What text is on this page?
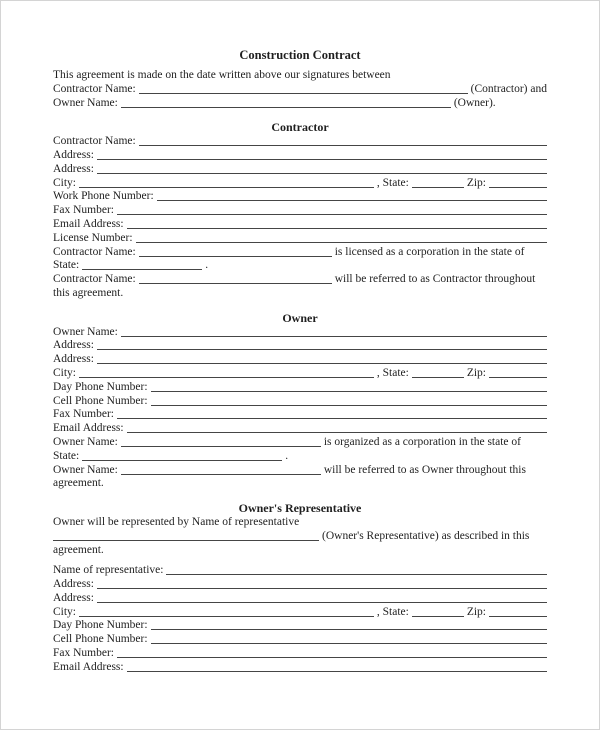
Construction Contract
This agreement is made on the date written above our signatures between
Contractor Name:	(Contractor) and
Owner Name:	(Owner).
Contractor
Contractor Name:
Address:
Address:
City:	, State:	Zip:
Work Phone Number:
Fax Number:
Email Address:
License Number:
Contractor Name:	is licensed as a corporation in the state of
State:	.
Contractor Name:	will be referred to as Contractor throughout
this agreement.
Owner
Owner Name:
Address:
Address:
City:	, State:	Zip:
Day Phone Number:
Cell Phone Number:
Fax Number:
Email Address:
Owner Name:	is organized as a corporation in the state of
State:	.
Owner Name:	will be referred to as Owner throughout this
agreement.
Owner's Representative
Owner will be represented by Name of representative
(Owner's Representative) as described in this
agreement.
Name of representative:
Address:
Address:
City:	, State:	Zip:
Day Phone Number:
Cell Phone Number:
Fax Number:
Email Address:
